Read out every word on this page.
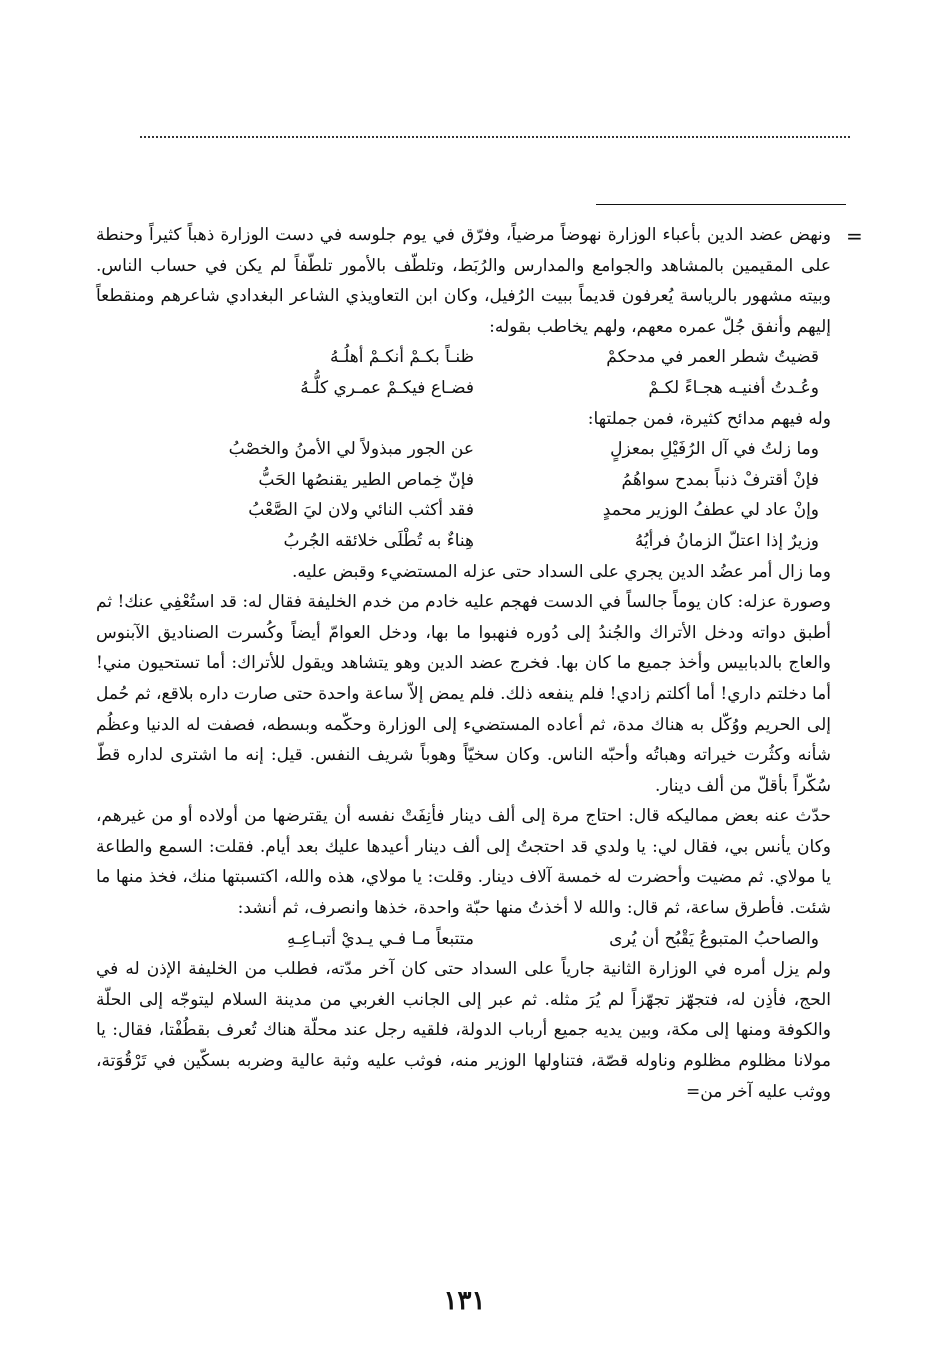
=

ونهض عضد الدين بأعباء الوزارة نهوضاً مرضياً، وفرّق في يوم جلوسه في دست الوزارة ذهباً كثيراً وحنطة على المقيمين بالمشاهد والجوامع والمدارس والرُبَط، وتلطّف بالأمور تلطّفاً لم يكن في حساب الناس. وبيته مشهور بالرياسة يُعرفون قديماً ببيت الرُفيل، وكان ابن التعاويذي الشاعر البغدادي شاعرهم ومنقطعاً إليهم وأنفق جُلّ عمره معهم، ولهم يخاطب بقوله:

قضيتُ شطر العمر في مدحكمْ
ظنـاً بكـمْ أنكـمْ أهلُـهُ
وعُـدتُ أفنيـه هجـاءً لكـمْ
فضـاع فيكـمْ عمـري كلُّـهُ

وله فيهم مدائح كثيرة، فمن جملتها:

وما زلتُ في آل الرُفَيْلِ بمعزلٍ
عن الجور مبذولاً لي الأمنُ والخصْبُ
فإنْ أقترفْ ذنباً بمدح سواهُمُ
فإنّ خِماص الطير يقنصُها الحَبُّ
وإنْ عاد لي عطفُ الوزير محمدٍ
فقد أكثب النائي ولان ليَ الصَّعْبُ
وزيرٌ إذا اعتلّ الزمانُ فرأيُهُ
هِناءٌ به تُطْلَى خلائقه الجُربُ

وما زال أمر عضُد الدين يجري على السداد حتى عزله المستضيء وقبض عليه.

وصورة عزله: كان يوماً جالساً في الدست فهجم عليه خادم من خدم الخليفة فقال له: قد استُعْفِي عنك! ثم أطبق دواته ودخل الأتراك والجُندُ إلى دُوره فنهبوا ما بها، ودخل العوامّ أيضاً وكُسرت الصناديق الآبنوس والعاج بالدبابيس وأخذ جميع ما كان بها. فخرج عضد الدين وهو يتشاهد ويقول للأتراك: أما تستحيون مني! أما دخلتم داري! أما أكلتم زادي! فلم ينفعه ذلك. فلم يمض إلاّ ساعة واحدة حتى صارت داره بلاقع، ثم حُمل إلى الحريم ووُكّل به هناك مدة، ثم أعاده المستضيء إلى الوزارة وحكّمه وبسطه، فصفت له الدنيا وعظُم شأنه وكثُرت خيراته وهباتُه وأحبّه الناس. وكان سخيّاً وهوباً شريف النفس. قيل: إنه ما اشترى لداره قطّ سُكّراً بأقلّ من ألف دينار.

حدّث عنه بعض مماليكه قال: احتاج مرة إلى ألف دينار فأنِفَتْ نفسه أن يقترضها من أولاده أو من غيرهم، وكان يأنس بي، فقال لي: يا ولدي قد احتجتُ إلى ألف دينار أعيدها عليك بعد أيام. فقلت: السمع والطاعة يا مولاي. ثم مضيت وأحضرت له خمسة آلاف دينار. وقلت: يا مولاي، هذه والله، اكتسبتها منك، فخذ منها ما شئت. فأطرق ساعة، ثم قال: والله لا أخذتُ منها حبّة واحدة، خذها وانصرف، ثم أنشد:

والصاحبُ المتبوعُ يَقْبُح أن يُرى
متتبعاً مـا فـي يـديْ أتبـاعِـهِ

ولم يزل أمره في الوزارة الثانية جارياً على السداد حتى كان آخر مدّته، فطلب من الخليفة الإذن له في الحج، فأذِن له، فتجهّز تجهّزاً لم يُرَ مثله. ثم عبر إلى الجانب الغربي من مدينة السلام ليتوجّه إلى الحلّة والكوفة ومنها إلى مكة، وبين يديه جميع أرباب الدولة، فلقيه رجل عند محلّة هناك تُعرف بقطُفْتا، فقال: يا مولانا مظلوم مظلوم وناوله قصّة، فتناولها الوزير منه، فوثب عليه وثبة عالية وضربه بسكّين في تَرْقُوَتة، ووثب عليه آخر من=

١٣١
